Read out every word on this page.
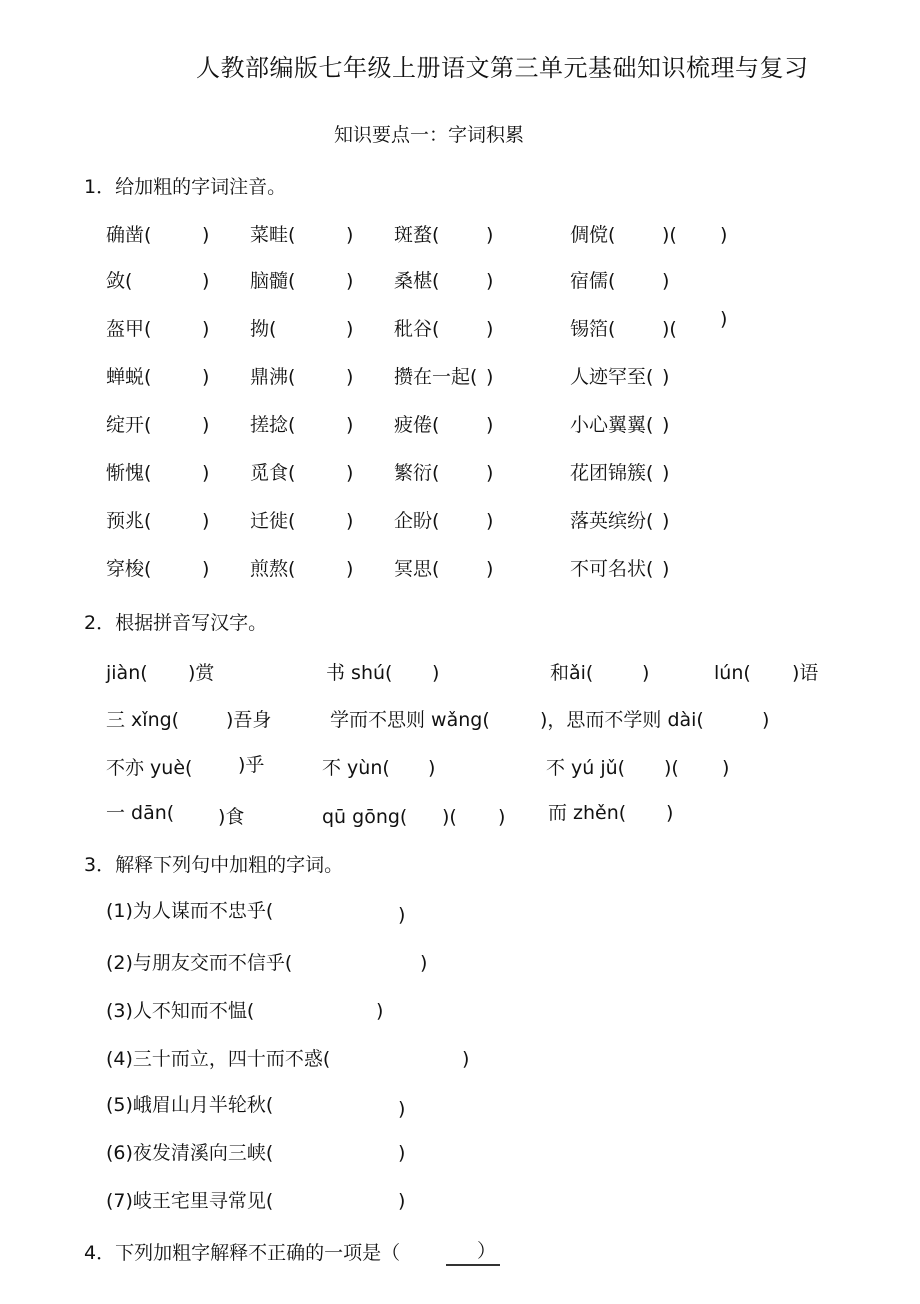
人教部编版七年级上册语文第三单元基础知识梳理与复习
知识要点一：字词积累
1．给加粗的字词注音。
确凿(	) 菜畦(	) 斑蝥( )	倜傥( )( )
敛(	) 脑髓(	) 桑椹( )	宿儒( )
盔甲(	) 拗(	) 秕谷( )	锡箔( )( )
蝉蜕(	) 鼎沸(	) 攒在一起( )	人迹罕至( )
绽开(	) 搓捻(	) 疲倦( )	小心翼翼( )
惭愧(	) 觅食(	) 繁衍( )	花团锦簇( )
预兆(	) 迁徙(	) 企盼( )	落英缤纷( )
穿梭(	) 煎熬(	) 冥思( )	不可名状( )
2．根据拼音写汉字。
jiàn( )赏	书 shú( )	和ǎi(	)	lún( )语
三 xǐng( )吾身	学而不思则 wǎng(	)，思而不学则 dài(	)
不亦 yuè( )乎	不 yùn( )	不 yú jǔ( )( )
一 dān( )食	qū gōng( )( ) 而 zhěn( )
3．解释下列句中加粗的字词。
(1)为人谋而不忠乎(	)
(2)与朋友交而不信乎(	)
(3)人不知而不愠(	)
(4)三十而立，四十而不惑(	)
(5)峨眉山月半轮秋(	)
(6)夜发清溪向三峡(	)
(7)岐王宅里寻常见(	)
4．下列加粗字解释不正确的一项是（	）
